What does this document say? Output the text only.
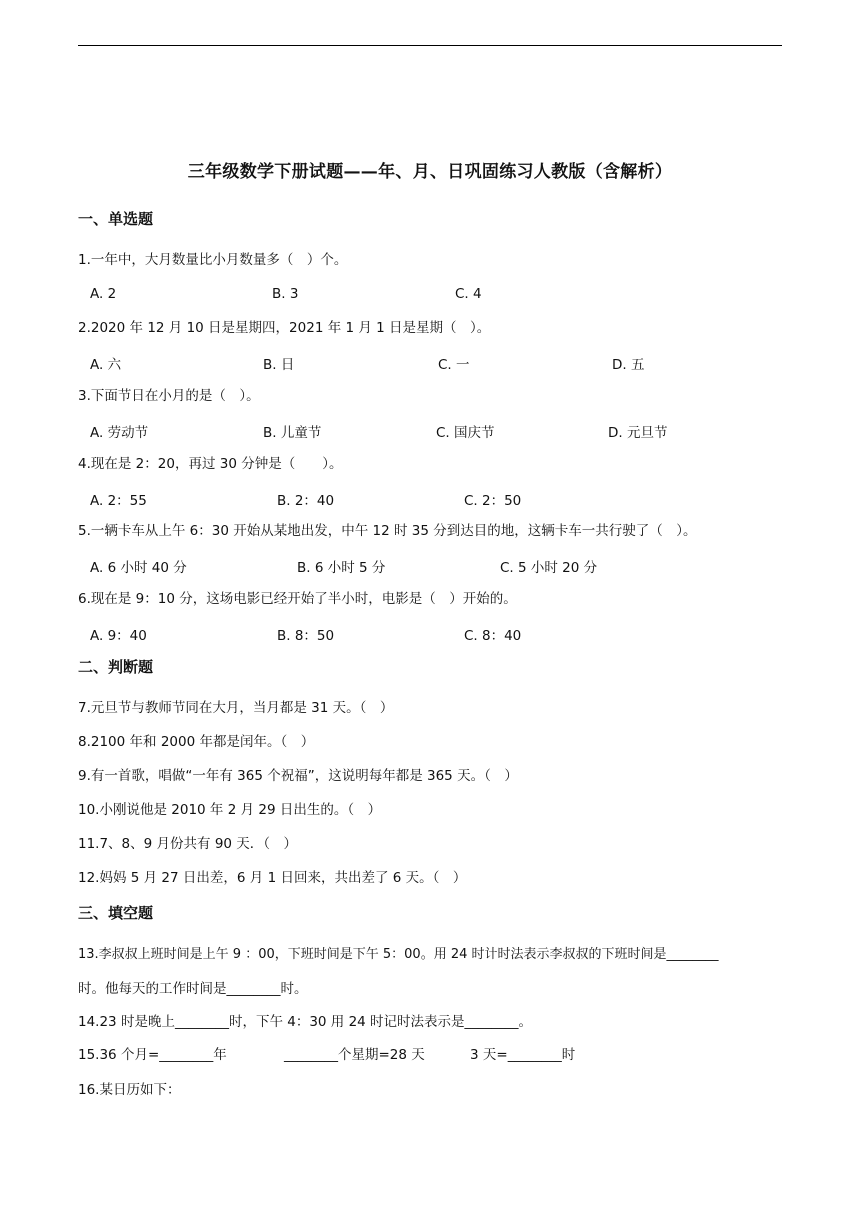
三年级数学下册试题——年、月、日巩固练习人教版（含解析）
一、单选题
1.一年中，大月数量比小月数量多（　）个。
A. 2	B. 3	C. 4
2.2020 年 12 月 10 日是星期四，2021 年 1 月 1 日是星期（　）。
A. 六	B. 日	C. 一	D. 五
3.下面节日在小月的是（　）。
A. 劳动节	B. 儿童节	C. 国庆节	D. 元旦节
4.现在是 2：20，再过 30 分钟是（　　）。
A. 2：55	B. 2：40	C. 2：50
5.一辆卡车从上午 6：30 开始从某地出发，中午 12 时 35 分到达目的地，这辆卡车一共行驶了（　）。
A. 6 小时 40 分	B. 6 小时 5 分	C. 5 小时 20 分
6.现在是 9：10 分，这场电影已经开始了半小时，电影是（　）开始的。
A. 9：40	B. 8：50	C. 8：40
二、判断题
7.元旦节与教师节同在大月，当月都是 31 天。（　）
8.2100 年和 2000 年都是闰年。（　）
9.有一首歌，唱做“一年有 365 个祝福”，这说明每年都是 365 天。（　）
10.小刚说他是 2010 年 2 月 29 日出生的。（　）
11.7、8、9 月份共有 90 天．（　）
12.妈妈 5 月 27 日出差，6 月 1 日回来，共出差了 6 天。（　）
三、填空题
13.李叔叔上班时间是上午 9 ：00，下班时间是下午 5：00。用 24 时计时法表示李叔叔的下班时间是________
时。他每天的工作时间是________时。
14.23 时是晚上________时，下午 4：30 用 24 时记时法表示是________。
15.36 个月=________年	________个星期=28 天	3 天=________时
16.某日历如下：
